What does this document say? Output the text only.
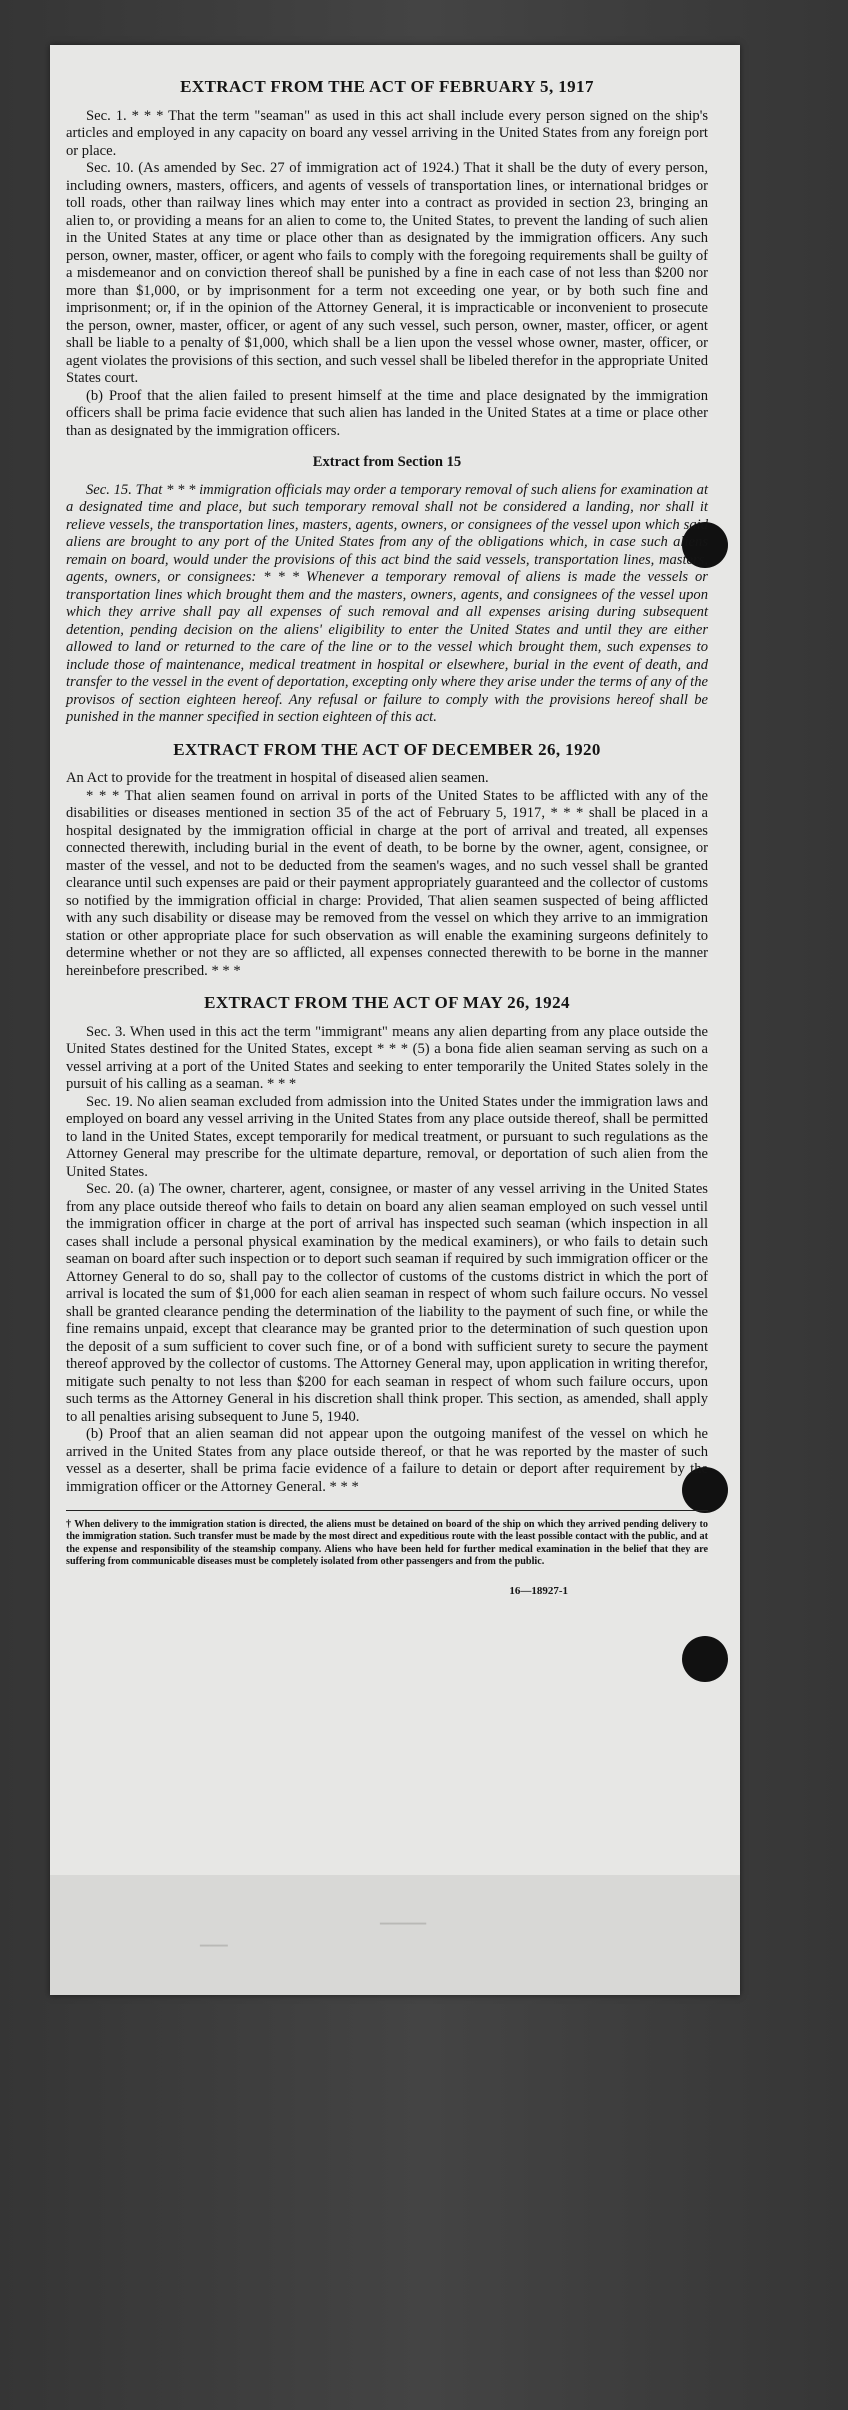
▔▔▔▔▔
▔▔▔
EXTRACT FROM THE ACT OF FEBRUARY 5, 1917

Sec. 1. * * * That the term "seaman" as used in this act shall include every person signed on the ship's articles and employed in any capacity on board any vessel arriving in the United States from any foreign port or place.

Sec. 10. (As amended by Sec. 27 of immigration act of 1924.) That it shall be the duty of every person, including owners, masters, officers, and agents of vessels of transportation lines, or international bridges or toll roads, other than railway lines which may enter into a contract as provided in section 23, bringing an alien to, or providing a means for an alien to come to, the United States, to prevent the landing of such alien in the United States at any time or place other than as designated by the immigration officers. Any such person, owner, master, officer, or agent who fails to comply with the foregoing requirements shall be guilty of a misdemeanor and on conviction thereof shall be punished by a fine in each case of not less than $200 nor more than $1,000, or by imprisonment for a term not exceeding one year, or by both such fine and imprisonment; or, if in the opinion of the Attorney General, it is impracticable or inconvenient to prosecute the person, owner, master, officer, or agent of any such vessel, such person, owner, master, officer, or agent shall be liable to a penalty of $1,000, which shall be a lien upon the vessel whose owner, master, officer, or agent violates the provisions of this section, and such vessel shall be libeled therefor in the appropriate United States court.

(b) Proof that the alien failed to present himself at the time and place designated by the immigration officers shall be prima facie evidence that such alien has landed in the United States at a time or place other than as designated by the immigration officers.

Extract from Section 15

Sec. 15. That * * * immigration officials may order a temporary removal of such aliens for examination at a designated time and place, but such temporary removal shall not be considered a landing, nor shall it relieve vessels, the transportation lines, masters, agents, owners, or consignees of the vessel upon which said aliens are brought to any port of the United States from any of the obligations which, in case such aliens remain on board, would under the provisions of this act bind the said vessels, transportation lines, masters, agents, owners, or consignees: * * * Whenever a temporary removal of aliens is made the vessels or transportation lines which brought them and the masters, owners, agents, and consignees of the vessel upon which they arrive shall pay all expenses of such removal and all expenses arising during subsequent detention, pending decision on the aliens' eligibility to enter the United States and until they are either allowed to land or returned to the care of the line or to the vessel which brought them, such expenses to include those of maintenance, medical treatment in hospital or elsewhere, burial in the event of death, and transfer to the vessel in the event of deportation, excepting only where they arise under the terms of any of the provisos of section eighteen hereof. Any refusal or failure to comply with the provisions hereof shall be punished in the manner specified in section eighteen of this act.

EXTRACT FROM THE ACT OF DECEMBER 26, 1920

An Act to provide for the treatment in hospital of diseased alien seamen.

* * * That alien seamen found on arrival in ports of the United States to be afflicted with any of the disabilities or diseases mentioned in section 35 of the act of February 5, 1917, * * * shall be placed in a hospital designated by the immigration official in charge at the port of arrival and treated, all expenses connected therewith, including burial in the event of death, to be borne by the owner, agent, consignee, or master of the vessel, and not to be deducted from the seamen's wages, and no such vessel shall be granted clearance until such expenses are paid or their payment appropriately guaranteed and the collector of customs so notified by the immigration official in charge: Provided, That alien seamen suspected of being afflicted with any such disability or disease may be removed from the vessel on which they arrive to an immigration station or other appropriate place for such observation as will enable the examining surgeons definitely to determine whether or not they are so afflicted, all expenses connected therewith to be borne in the manner hereinbefore prescribed. * * *

EXTRACT FROM THE ACT OF MAY 26, 1924

Sec. 3. When used in this act the term "immigrant" means any alien departing from any place outside the United States destined for the United States, except * * * (5) a bona fide alien seaman serving as such on a vessel arriving at a port of the United States and seeking to enter temporarily the United States solely in the pursuit of his calling as a seaman. * * *

Sec. 19. No alien seaman excluded from admission into the United States under the immigration laws and employed on board any vessel arriving in the United States from any place outside thereof, shall be permitted to land in the United States, except temporarily for medical treatment, or pursuant to such regulations as the Attorney General may prescribe for the ultimate departure, removal, or deportation of such alien from the United States.

Sec. 20. (a) The owner, charterer, agent, consignee, or master of any vessel arriving in the United States from any place outside thereof who fails to detain on board any alien seaman employed on such vessel until the immigration officer in charge at the port of arrival has inspected such seaman (which inspection in all cases shall include a personal physical examination by the medical examiners), or who fails to detain such seaman on board after such inspection or to deport such seaman if required by such immigration officer or the Attorney General to do so, shall pay to the collector of customs of the customs district in which the port of arrival is located the sum of $1,000 for each alien seaman in respect of whom such failure occurs. No vessel shall be granted clearance pending the determination of the liability to the payment of such fine, or while the fine remains unpaid, except that clearance may be granted prior to the determination of such question upon the deposit of a sum sufficient to cover such fine, or of a bond with sufficient surety to secure the payment thereof approved by the collector of customs. The Attorney General may, upon application in writing therefor, mitigate such penalty to not less than $200 for each seaman in respect of whom such failure occurs, upon such terms as the Attorney General in his discretion shall think proper. This section, as amended, shall apply to all penalties arising subsequent to June 5, 1940.

(b) Proof that an alien seaman did not appear upon the outgoing manifest of the vessel on which he arrived in the United States from any place outside thereof, or that he was reported by the master of such vessel as a deserter, shall be prima facie evidence of a failure to detain or deport after requirement by the immigration officer or the Attorney General. * * *

† When delivery to the immigration station is directed, the aliens must be detained on board of the ship on which they arrived pending delivery to the immigration station. Such transfer must be made by the most direct and expeditious route with the least possible contact with the public, and at the expense and responsibility of the steamship company. Aliens who have been held for further medical examination in the belief that they are suffering from communicable diseases must be completely isolated from other passengers and from the public.
16—18927-1
